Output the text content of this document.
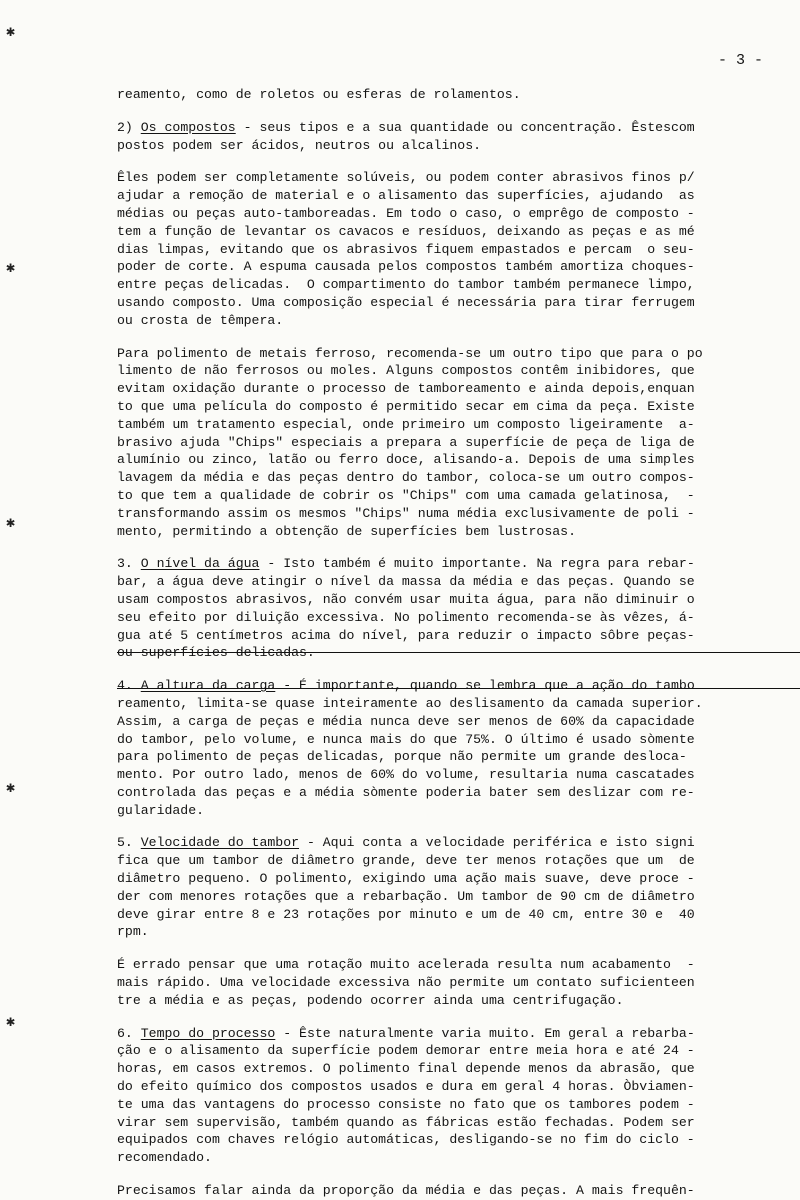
- 3 -
✱
✱
✱
✱
✱
reamento, como de roletos ou esferas de rolamentos.
2) Os compostos - seus tipos e a sua quantidade ou concentração. Êstescom
postos podem ser ácidos, neutros ou alcalinos.
Êles podem ser completamente solúveis, ou podem conter abrasivos finos p/
ajudar a remoção de material e o alisamento das superfícies, ajudando  as
médias ou peças auto-tamboreadas. Em todo o caso, o emprêgo de composto -
tem a função de levantar os cavacos e resíduos, deixando as peças e as mé
dias limpas, evitando que os abrasivos fiquem empastados e percam  o seu-
poder de corte. A espuma causada pelos compostos também amortiza choques-
entre peças delicadas.  O compartimento do tambor também permanece limpo,
usando composto. Uma composição especial é necessária para tirar ferrugem
ou crosta de têmpera.
Para polimento de metais ferroso, recomenda-se um outro tipo que para o po
limento de não ferrosos ou moles. Alguns compostos contêm inibidores, que
evitam oxidação durante o processo de tamboreamento e ainda depois,enquan
to que uma película do composto é permitido secar em cima da peça. Existe
também um tratamento especial, onde primeiro um composto ligeiramente  a-
brasivo ajuda "Chips" especiais a prepara a superfície de peça de liga de
alumínio ou zinco, latão ou ferro doce, alisando-a. Depois de uma simples
lavagem da média e das peças dentro do tambor, coloca-se um outro compos-
to que tem a qualidade de cobrir os "Chips" com uma camada gelatinosa,  -
transformando assim os mesmos "Chips" numa média exclusivamente de poli -
mento, permitindo a obtenção de superfícies bem lustrosas.
3. O nível da água - Isto também é muito importante. Na regra para rebar-
bar, a água deve atingir o nível da massa da média e das peças. Quando se
usam compostos abrasivos, não convém usar muita água, para não diminuir o
seu efeito por diluição excessiva. No polimento recomenda-se às vêzes, á-
gua até 5 centímetros acima do nível, para reduzir o impacto sôbre peças-
ou superfícies delicadas.
4. A altura da carga - É importante, quando se lembra que a ação do tambo
reamento, limita-se quase inteiramente ao deslisamento da camada superior.
Assim, a carga de peças e média nunca deve ser menos de 60% da capacidade
do tambor, pelo volume, e nunca mais do que 75%. O último é usado sòmente
para polimento de peças delicadas, porque não permite um grande desloca-
mento. Por outro lado, menos de 60% do volume, resultaria numa cascatades
controlada das peças e a média sòmente poderia bater sem deslizar com re-
gularidade.
5. Velocidade do tambor - Aqui conta a velocidade periférica e isto signi
fica que um tambor de diâmetro grande, deve ter menos rotações que um  de
diâmetro pequeno. O polimento, exigindo uma ação mais suave, deve proce -
der com menores rotações que a rebarbação. Um tambor de 90 cm de diâmetro
deve girar entre 8 e 23 rotações por minuto e um de 40 cm, entre 30 e  40
rpm.
É errado pensar que uma rotação muito acelerada resulta num acabamento  -
mais rápido. Uma velocidade excessiva não permite um contato suficienteen
tre a média e as peças, podendo ocorrer ainda uma centrifugação.
6. Tempo do processo - Êste naturalmente varia muito. Em geral a rebarba-
ção e o alisamento da superfície podem demorar entre meia hora e até 24 -
horas, em casos extremos. O polimento final depende menos da abrasão, que
do efeito químico dos compostos usados e dura em geral 4 horas. Òbviamen-
te uma das vantagens do processo consiste no fato que os tambores podem -
virar sem supervisão, também quando as fábricas estão fechadas. Podem ser
equipados com chaves relógio automáticas, desligando-se no fim do ciclo -
recomendado.
Precisamos falar ainda da proporção da média e das peças. A mais frequên-
